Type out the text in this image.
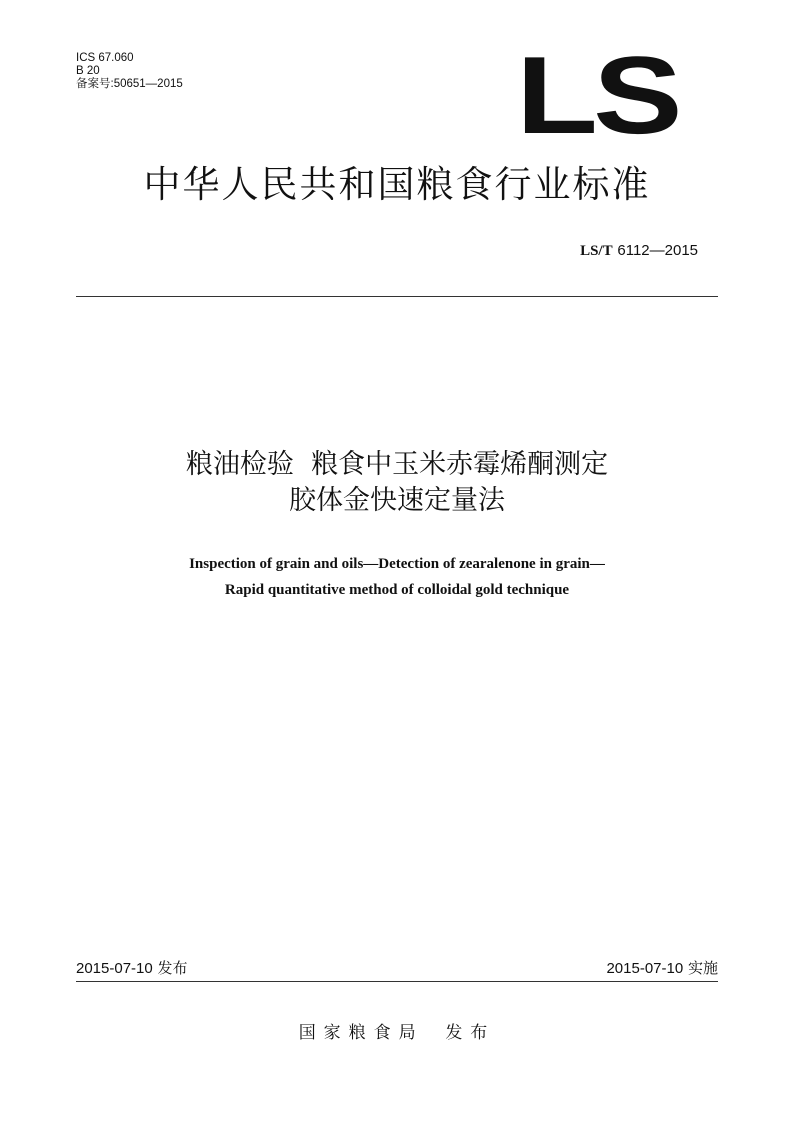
ICS 67.060
B 20
备案号:50651—2015	LS
中华人民共和国粮食行业标准
LS/T 6112—2015
粮油检验  粮食中玉米赤霉烯酮测定
胶体金快速定量法
Inspection of grain and oils—Detection of zearalenone in grain—
Rapid quantitative method of colloidal gold technique
2015-07-10 发布	2015-07-10 实施
国家粮食局 发布
